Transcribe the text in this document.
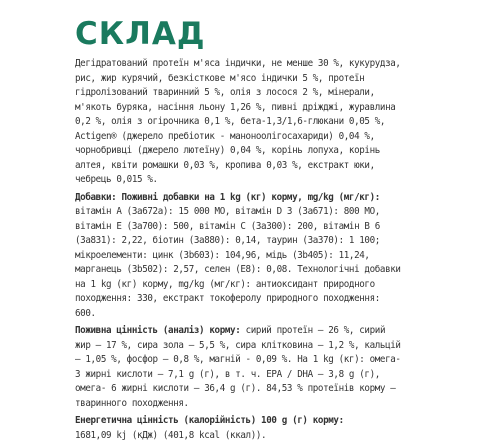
СКЛАД

Дегідратований протеїн м'яса індички, не менше 30 %, кукурудза, рис, жир курячий, безкісткове м'ясо індички 5 %, протеїн гідролізований тваринний 5 %, олія з лосося 2 %, мінерали, м'якоть буряка, насіння льону 1,26 %, пивні дріжджі, журавлина 0,2 %, олія з огірочника 0,1 %, бета-1,3/1,6-глюкани 0,05 %, Actigen® (джерело пребіотик - маноноолігосахариди) 0,04 %, чорнобривці (джерело лютеїну) 0,04 %, корінь лопуха, корінь алтея, квіти ромашки 0,03 %, кропива 0,03 %, екстракт юки, чебрець 0,015 %.

Добавки: Поживні добавки на 1 kg (кг) корму, mg/kg (мг/кг): вітамін А (3а672a): 15 000 МО, вітамін D 3 (3а671): 800 МО, вітамін Е (3а700): 500, вітамін С (3а300): 200, вітамін В 6 (3а831): 2,22, біотин (3а880): 0,14, таурин (3а370): 1 100; мікроелементи: цинк (3b603): 104,96, мідь (3b405): 11,24, марганець (3b502): 2,57, селен (Е8): 0,08. Технологічні добавки на 1 kg (кг) корму, mg/kg (мг/кг): антиоксидант природного походження: 330, екстракт токоферолу природного походження: 600.

Поживна цінність (аналіз) корму: сирий протеїн – 26 %, сирий жир – 17 %, сира зола – 5,5 %, сира клітковина – 1,2 %, кальцій – 1,05 %, фосфор – 0,8 %, магній - 0,09 %. На 1 kg (кг): омега- 3 жирні кислоти – 7,1 g (г), в т. ч. EPA / DHA – 3,8 g (г), омега- 6 жирні кислоти – 36,4 g (г). 84,53 % протеїнів корму – тваринного походження.

Енергетична цінність (калорійність) 100 g (г) корму:
1681,09 kj (кДж) (401,8 kcal (ккал)).
